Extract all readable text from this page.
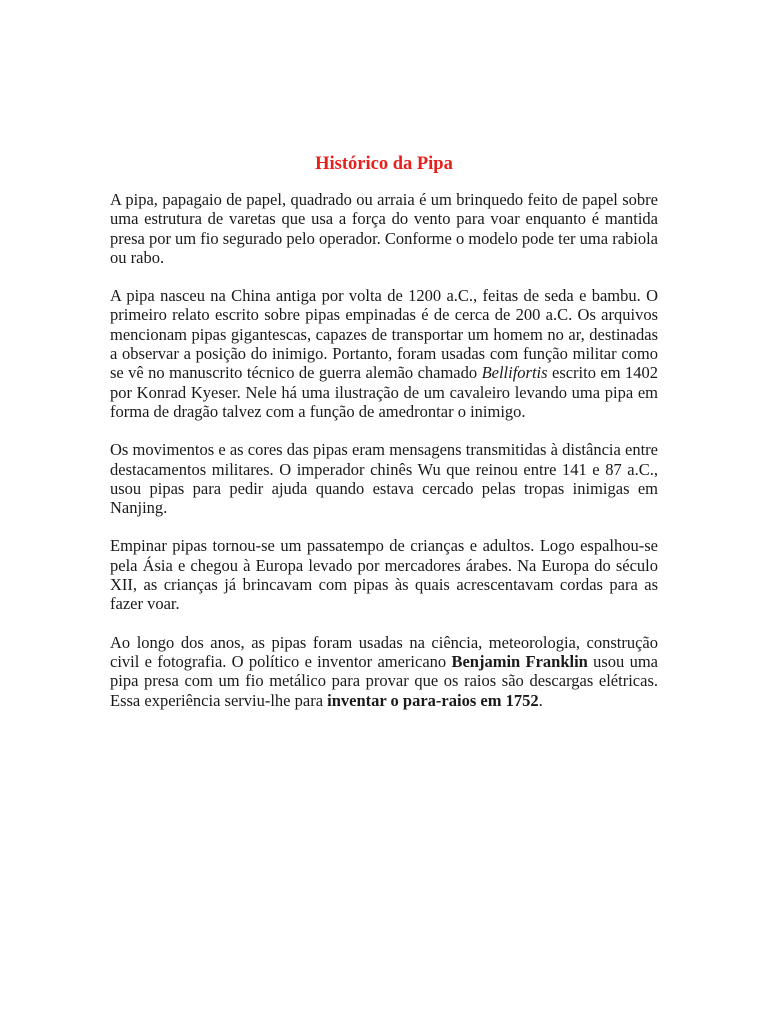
Histórico da Pipa

A pipa, papagaio de papel, quadrado ou arraia é um brinquedo feito de papel sobre uma estrutura de varetas que usa a força do vento para voar enquanto é mantida presa por um fio segurado pelo operador. Conforme o modelo pode ter uma rabiola ou rabo.

A pipa nasceu na China antiga por volta de 1200 a.C., feitas de seda e bambu. O primeiro relato escrito sobre pipas empinadas é de cerca de 200 a.C. Os arquivos mencionam pipas gigantescas, capazes de transportar um homem no ar, destinadas a observar a posição do inimigo. Portanto, foram usadas com função militar como se vê no manuscrito técnico de guerra alemão chamado Bellifortis escrito em 1402 por Konrad Kyeser. Nele há uma ilustração de um cavaleiro levando uma pipa em forma de dragão talvez com a função de amedrontar o inimigo.

Os movimentos e as cores das pipas eram mensagens transmitidas à distância entre destacamentos militares. O imperador chinês Wu que reinou entre 141 e 87 a.C., usou pipas para pedir ajuda quando estava cercado pelas tropas inimigas em Nanjing.

Empinar pipas tornou-se um passatempo de crianças e adultos. Logo espalhou-se pela Ásia e chegou à Europa levado por mercadores árabes. Na Europa do século XII, as crianças já brincavam com pipas às quais acrescentavam cordas para as fazer voar.

Ao longo dos anos, as pipas foram usadas na ciência, meteorologia, construção civil e fotografia. O político e inventor americano Benjamin Franklin usou uma pipa presa com um fio metálico para provar que os raios são descargas elétricas. Essa experiência serviu-lhe para inventar o para-raios em 1752.
